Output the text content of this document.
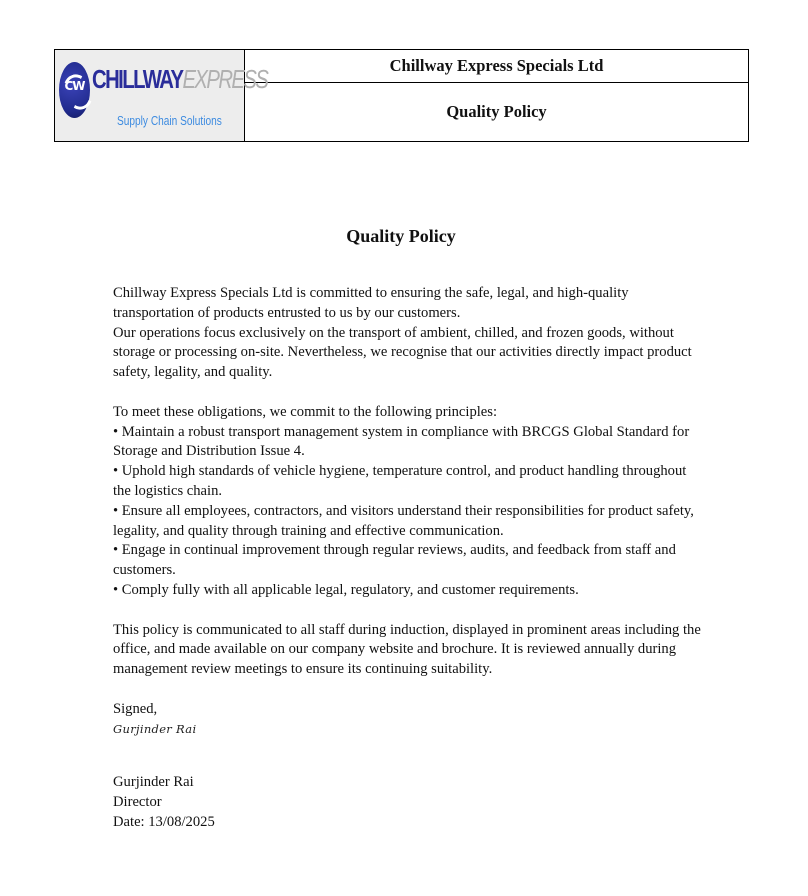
CW CHILLWAYEXPRESS
Supply Chain Solutions
	Chillway Express Specials Ltd
Quality Policy
Quality Policy

Chillway Express Specials Ltd is committed to ensuring the safe, legal, and high-quality transportation of products entrusted to us by our customers.

Our operations focus exclusively on the transport of ambient, chilled, and frozen goods, without storage or processing on-site. Nevertheless, we recognise that our activities directly impact product safety, legality, and quality.

To meet these obligations, we commit to the following principles:

• Maintain a robust transport management system in compliance with BRCGS Global Standard for Storage and Distribution Issue 4.

• Uphold high standards of vehicle hygiene, temperature control, and product handling throughout the logistics chain.

• Ensure all employees, contractors, and visitors understand their responsibilities for product safety, legality, and quality through training and effective communication.

• Engage in continual improvement through regular reviews, audits, and feedback from staff and customers.

• Comply fully with all applicable legal, regulatory, and customer requirements.

This policy is communicated to all staff during induction, displayed in prominent areas including the office, and made available on our company website and brochure. It is reviewed annually during management review meetings to ensure its continuing suitability.

Signed,

Gurjinder Rai

Gurjinder Rai

Director

Date: 13/08/2025
